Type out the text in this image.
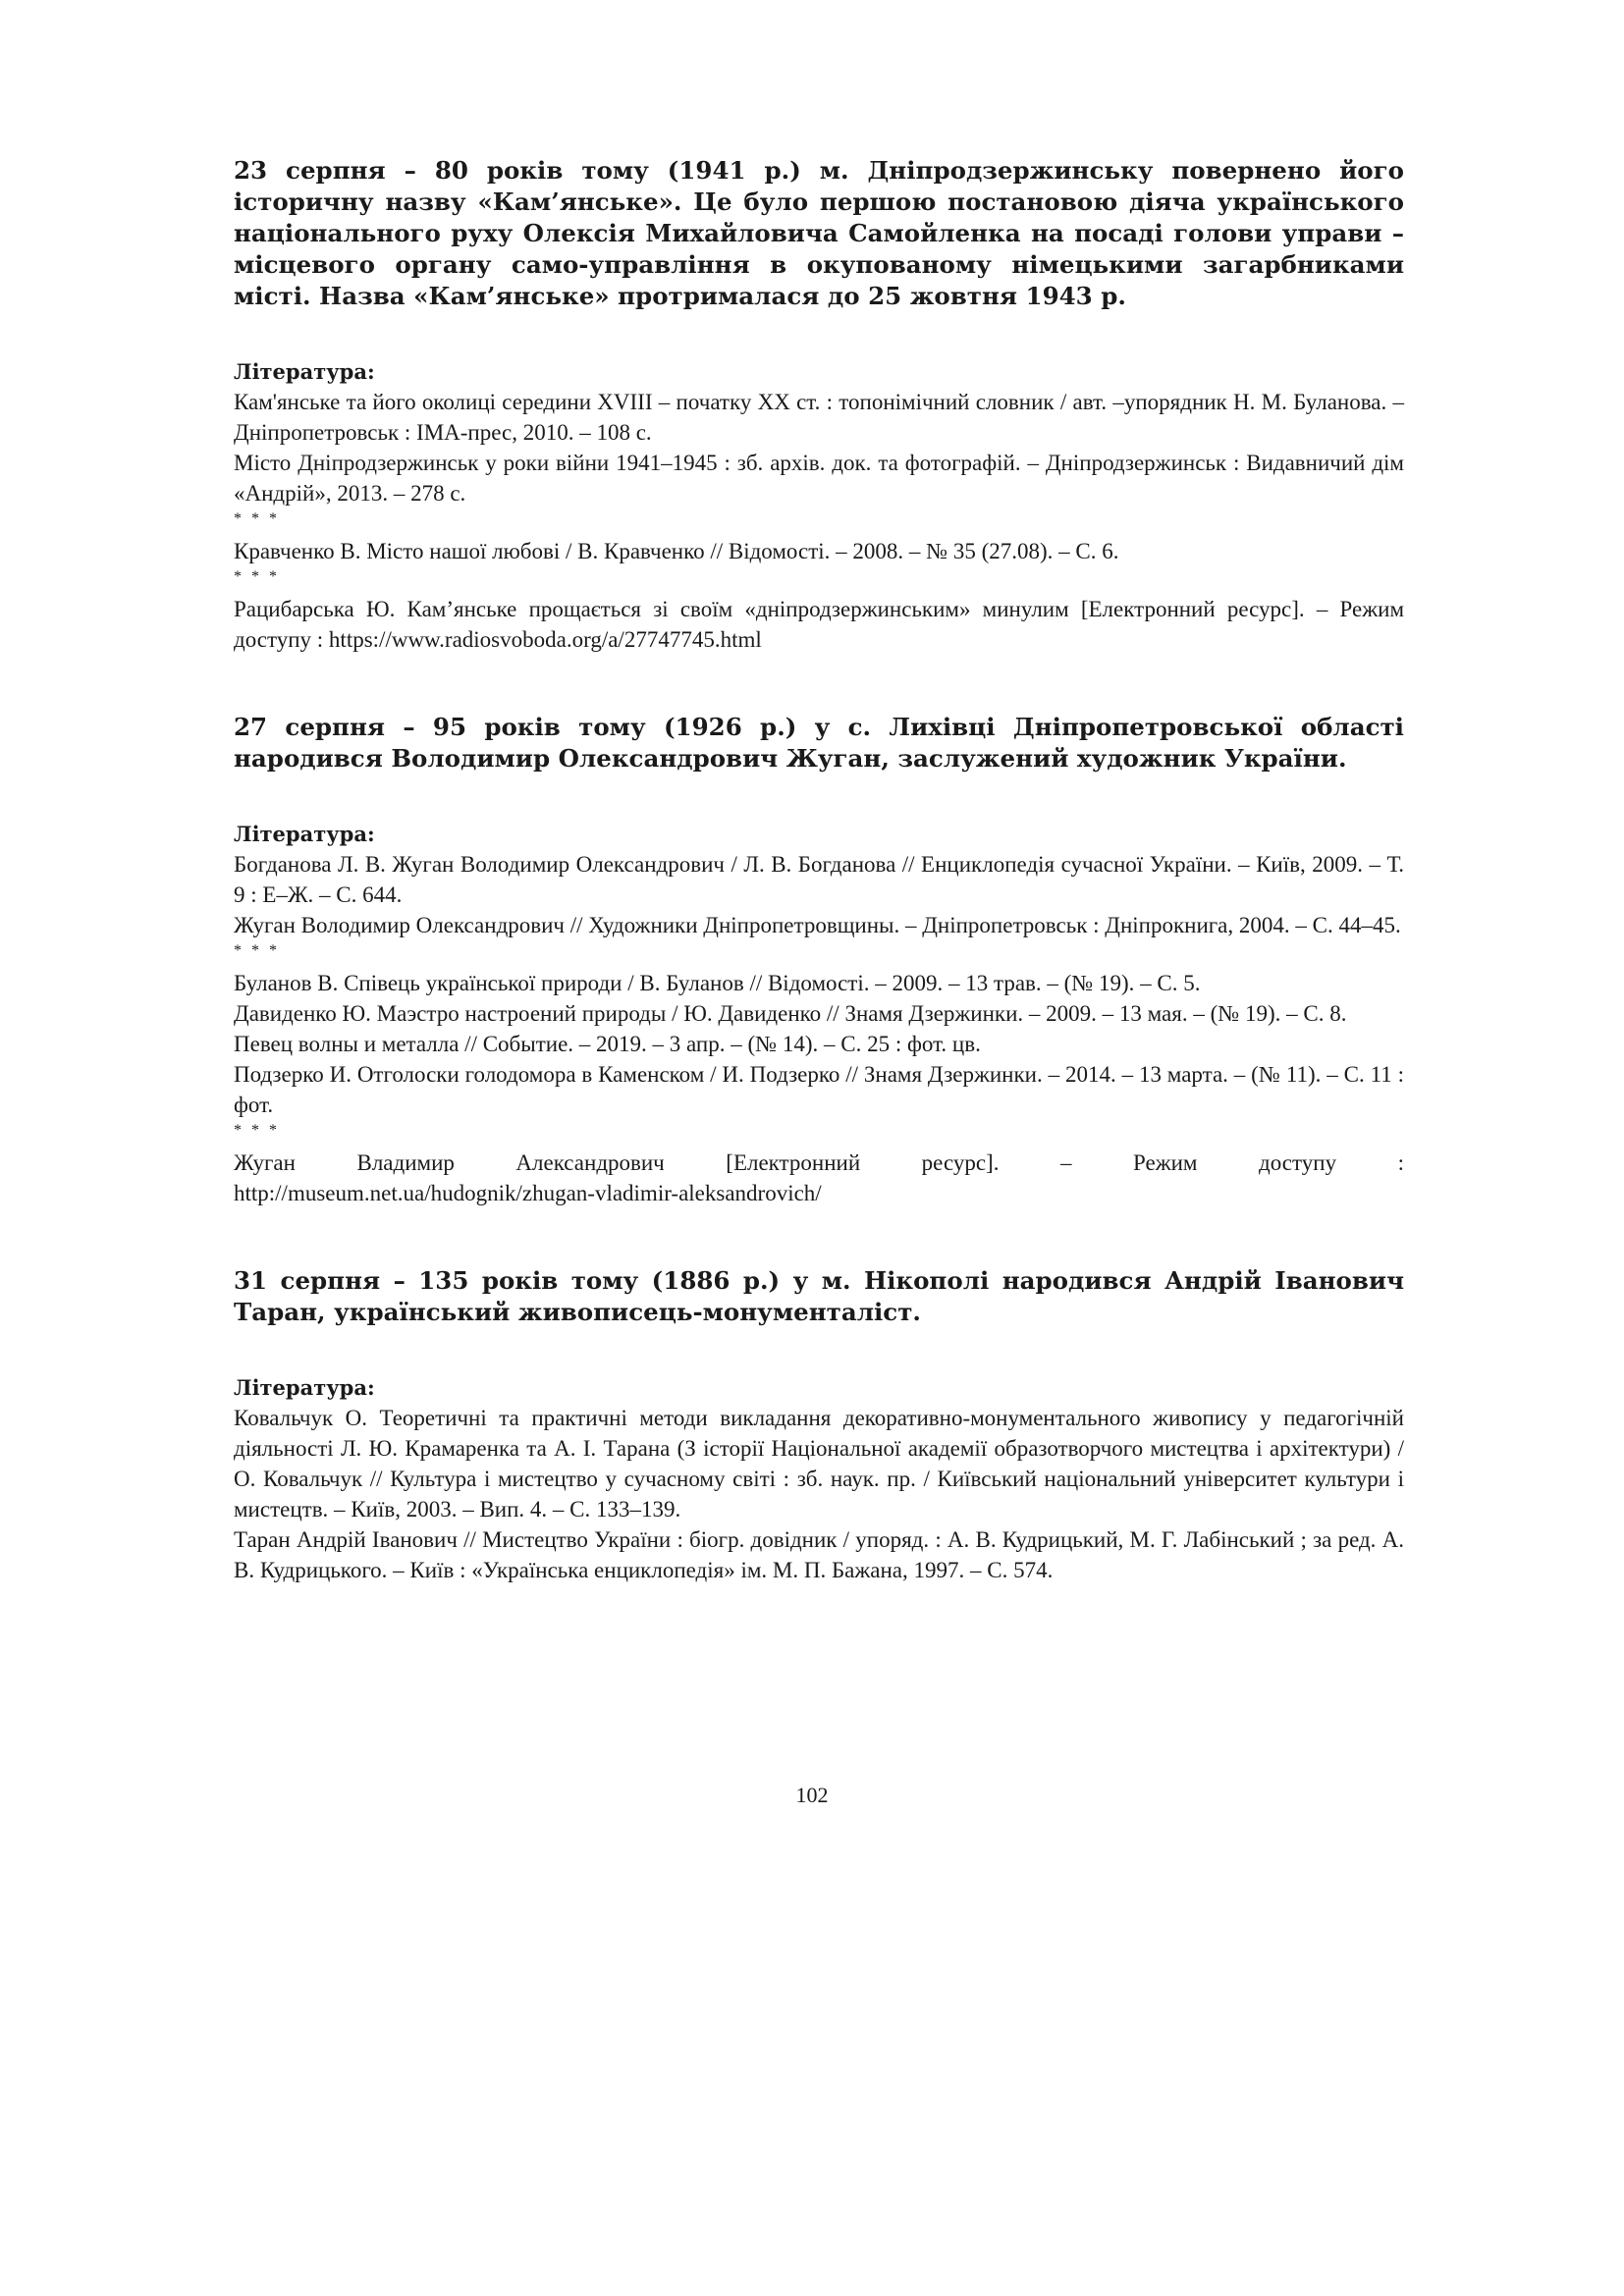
23 серпня – 80 років тому (1941 р.) м. Дніпродзержинську повернено його історичну назву «Кам’янське». Це було першою постановою діяча українського національного руху Олексія Михайловича Самойленка на посаді голови управи – місцевого органу само-управління в окупованому німецькими загарбниками місті. Назва «Кам’янське» протрималася до 25 жовтня 1943 р.

Література:

Кам'янське та його околиці середини XVIII – початку XX ст. : топонімічний словник / авт. –упорядник Н. М. Буланова. – Дніпропетровськ : ІМА-прес, 2010. – 108 с.

Місто Дніпродзержинськ у роки війни 1941–1945 : зб. архів. док. та фотографій. – Дніпродзержинськ : Видавничий дім «Андрій», 2013. – 278 с.

* * *

Кравченко В. Місто нашої любові / В. Кравченко // Відомості. – 2008. – № 35 (27.08). – С. 6.

* * *

Рацибарська Ю. Кам’янське прощається зі своїм «дніпродзержинським» минулим [Електронний ресурс]. – Режим доступу : https://www.radiosvoboda.org/a/27747745.html

27 серпня – 95 років тому (1926 р.) у с. Лихівці Дніпропетровської області народився Володимир Олександрович Жуган, заслужений художник України.

Література:

Богданова Л. В. Жуган Володимир Олександрович / Л. В. Богданова // Енциклопедія сучасної України. – Київ, 2009. – Т. 9 : Е–Ж. – С. 644.

Жуган Володимир Олександрович // Художники Днiпропетровщины. – Днiпропетровськ : Днiпрокнига, 2004. – С. 44–45.

* * *

Буланов В. Співець української природи / В. Буланов // Відомості. – 2009. – 13 трав. – (№ 19). – С. 5.

Давиденко Ю. Маэстро настроений природы / Ю. Давиденко // Знамя Дзержинки. – 2009. – 13 мая. – (№ 19). – С. 8.

Певец волны и металла // Событие. – 2019. – 3 апр. – (№ 14). – С. 25 : фот. цв.

Подзерко И. Отголоски голодомора в Каменском / И. Подзерко // Знамя Дзержинки. – 2014. – 13 марта. – (№ 11). – С. 11 : фот.

* * *

Жуган Владимир Александрович [Електронний ресурс]. – Режим доступу :

http://museum.net.ua/hudognik/zhugan-vladimir-aleksandrovich/

31 серпня – 135 років тому (1886 р.) у м. Нікополі народився Андрій Іванович Таран, український живописець-монументаліст.

Література:

Ковальчук О. Теоретичні та практичні методи викладання декоративно-монументального живопису у педагогічній діяльності Л. Ю. Крамаренка та А. І. Тарана (З історії Національної академії образотворчого мистецтва і архітектури) / О. Ковальчук // Культура і мистецтво у сучасному світі : зб. наук. пр. / Київський національний університет культури і мистецтв. – Київ, 2003. – Вип. 4. – С. 133–139.

Таран Андрій Іванович // Мистецтво України : біогр. довідник / упоряд. : А. В. Кудрицький, М. Г. Лабінський ; за ред. А. В. Кудрицького. – Київ : «Українська енциклопедія» ім. М. П. Бажана, 1997. – С. 574.

102
